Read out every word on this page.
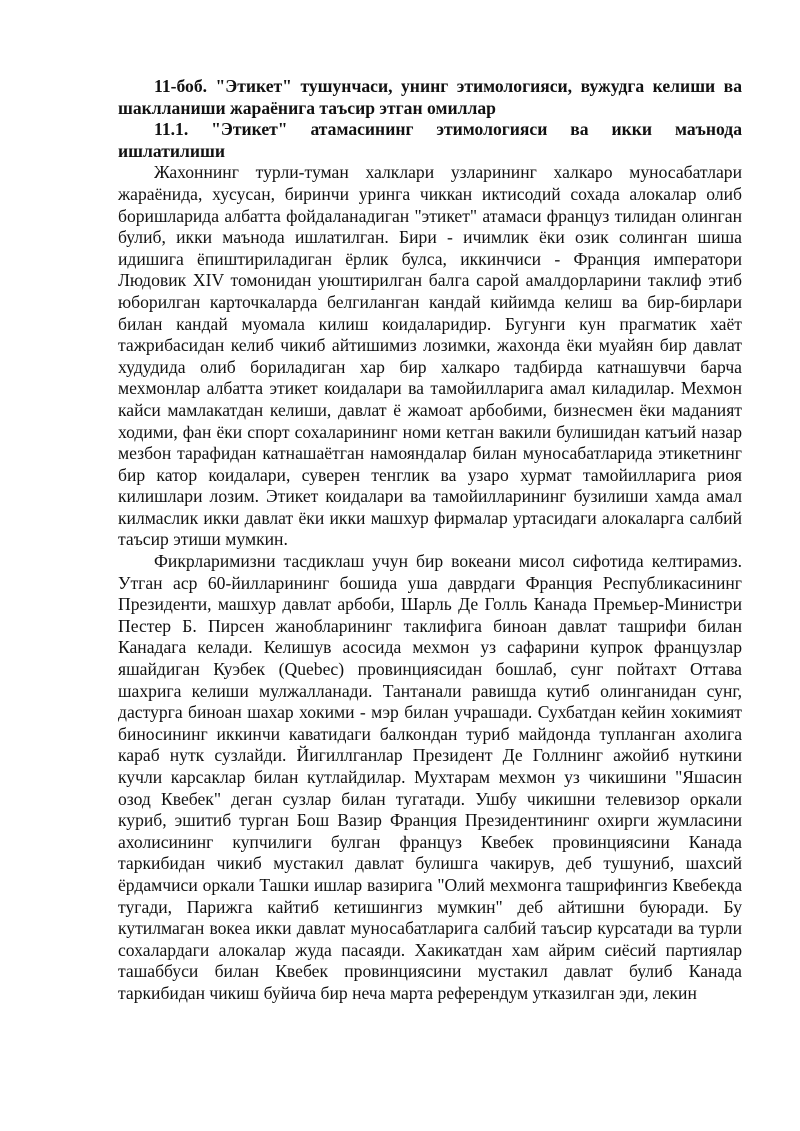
11-боб. "Этикет" тушунчаси, унинг этимологияси, вужудга келиши ва шаклланиши жараёнига таъсир этган омиллар

11.1. "Этикет" атамасининг этимологияси ва икки маънода ишлатилиши

Жахоннинг турли-туман халклари узларининг халкаро муносабатлари жараёнида, хусусан, биринчи уринга чиккан иктисодий сохада алокалар олиб боришларида албатта фойдаланадиган "этикет" атамаси француз тилидан олинган булиб, икки маънода ишлатилган. Бири - ичимлик ёки озик солинган шиша идишига ёпиштириладиган ёрлик булса, иккинчиси - Франция императори Людовик XIV томонидан уюштирилган балга сарой амалдорларини таклиф этиб юборилган карточкаларда белгиланган кандай кийимда келиш ва бир-бирлари билан кандай муомала килиш коидаларидир. Бугунги кун прагматик хаёт тажрибасидан келиб чикиб айтишимиз лозимки, жахонда ёки муайян бир давлат худудида олиб бориладиган хар бир халкаро тадбирда катнашувчи барча мехмонлар албатта этикет коидалари ва тамойилларига амал киладилар. Мехмон кайси мамлакатдан келиши, давлат ё жамоат арбобими, бизнесмен ёки маданият ходими, фан ёки спорт сохаларининг номи кетган вакили булишидан катъий назар мезбон тарафидан катнашаётган намояндалар билан муносабатларида этикетнинг бир катор коидалари, суверен тенглик ва узаро хурмат тамойилларига риоя килишлари лозим. Этикет коидалари ва тамойилларининг бузилиши хамда амал килмаслик икки давлат ёки икки машхур фирмалар уртасидаги алокаларга салбий таъсир этиши мумкин.

Фикрларимизни тасдиклаш учун бир вокеани мисол сифотида келтирамиз. Утган аср 60-йилларининг бошида уша даврдаги Франция Республикасининг Президенти, машхур давлат арбоби, Шарль Де Голль Канада Премьер-Министри Пестер Б. Пирсен жанобларининг таклифига биноан давлат ташрифи билан Канадага келади. Келишув асосида мехмон уз сафарини купрок французлар яшайдиган Куэбек (Quebec) провинциясидан бошлаб, сунг пойтахт Оттава шахрига келиши мулжалланади. Тантанали равишда кутиб олинганидан сунг, дастурга биноан шахар хокими - мэр билан учрашади. Сухбатдан кейин хокимият биносининг иккинчи каватидаги балкондан туриб майдонда тупланган ахолига караб нутк сузлайди. Йигиллганлар Президент Де Голлнинг ажойиб нуткини кучли карсаклар билан кутлайдилар. Мухтарам мехмон уз чикишини "Яшасин озод Квебек" деган сузлар билан тугатади. Ушбу чикишни телевизор оркали куриб, эшитиб турган Бош Вазир Франция Президентининг охирги жумласини ахолисининг купчилиги булган француз Квебек провинциясини Канада таркибидан чикиб мустакил давлат булишга чакирув, деб тушуниб, шахсий ёрдамчиси оркали Ташки ишлар вазирига "Олий мехмонга ташрифингиз Квебекда тугади, Парижга кайтиб кетишингиз мумкин" деб айтишни буюради. Бу кутилмаган вокеа икки давлат муносабатларига салбий таъсир курсатади ва турли сохалардаги алокалар жуда пасаяди. Хакикатдан хам айрим сиёсий партиялар ташаббуси билан Квебек провинциясини мустакил давлат булиб Канада таркибидан чикиш буйича бир неча марта референдум утказилган эди, лекин
